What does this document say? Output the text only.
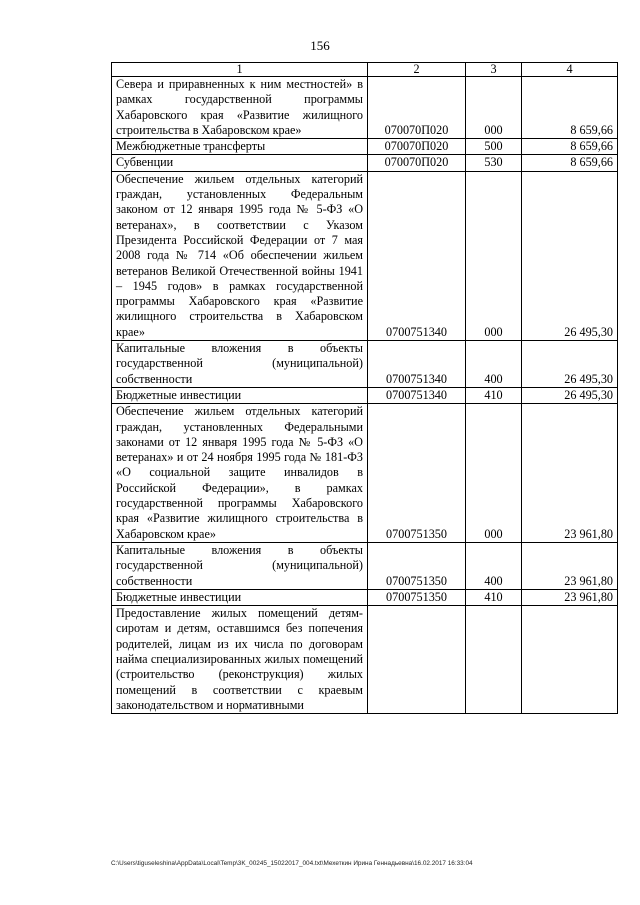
156
1	2	3	4
Севера и приравненных к ним местностей» в рамках государственной программы Хабаровского края «Развитие жилищного строительства в Хабаровском крае»	070070П020	000	8 659,66
Межбюджетные трансферты	070070П020	500	8 659,66
Субвенции	070070П020	530	8 659,66
Обеспечение жильем отдельных категорий граждан, установленных Федеральным законом от 12 января 1995 года № 5-ФЗ «О ветеранах», в соответствии с Указом Президента Российской Федерации от 7 мая 2008 года № 714 «Об обеспечении жильем ветеранов Великой Отечественной войны 1941 – 1945 годов» в рамках государственной программы Хабаровского края «Развитие жилищного строительства в Хабаровском крае»	0700751340	000	26 495,30
Капитальные вложения в объекты государственной (муниципальной) собственности	0700751340	400	26 495,30
Бюджетные инвестиции	0700751340	410	26 495,30
Обеспечение жильем отдельных категорий граждан, установленных Федеральными законами от 12 января 1995 года № 5-ФЗ «О ветеранах» и от 24 ноября 1995 года № 181-ФЗ «О социальной защите инвалидов в Российской Федерации», в рамках государственной программы Хабаровского края «Развитие жилищного строительства в Хабаровском крае»	0700751350	000	23 961,80
Капитальные вложения в объекты государственной (муниципальной) собственности	0700751350	400	23 961,80
Бюджетные инвестиции	0700751350	410	23 961,80
Предоставление жилых помещений детям-сиротам и детям, оставшимся без попечения родителей, лицам из их числа по договорам найма специализированных жилых помещений (строительство (реконструкция) жилых помещений в соответствии с краевым законодательством и нормативными			
C:\Users\tiguseleshina\AppData\Local\Temp\3K_00245_15022017_004.txt\Мехеткин Ирина Геннадьевна\16.02.2017 16:33:04
